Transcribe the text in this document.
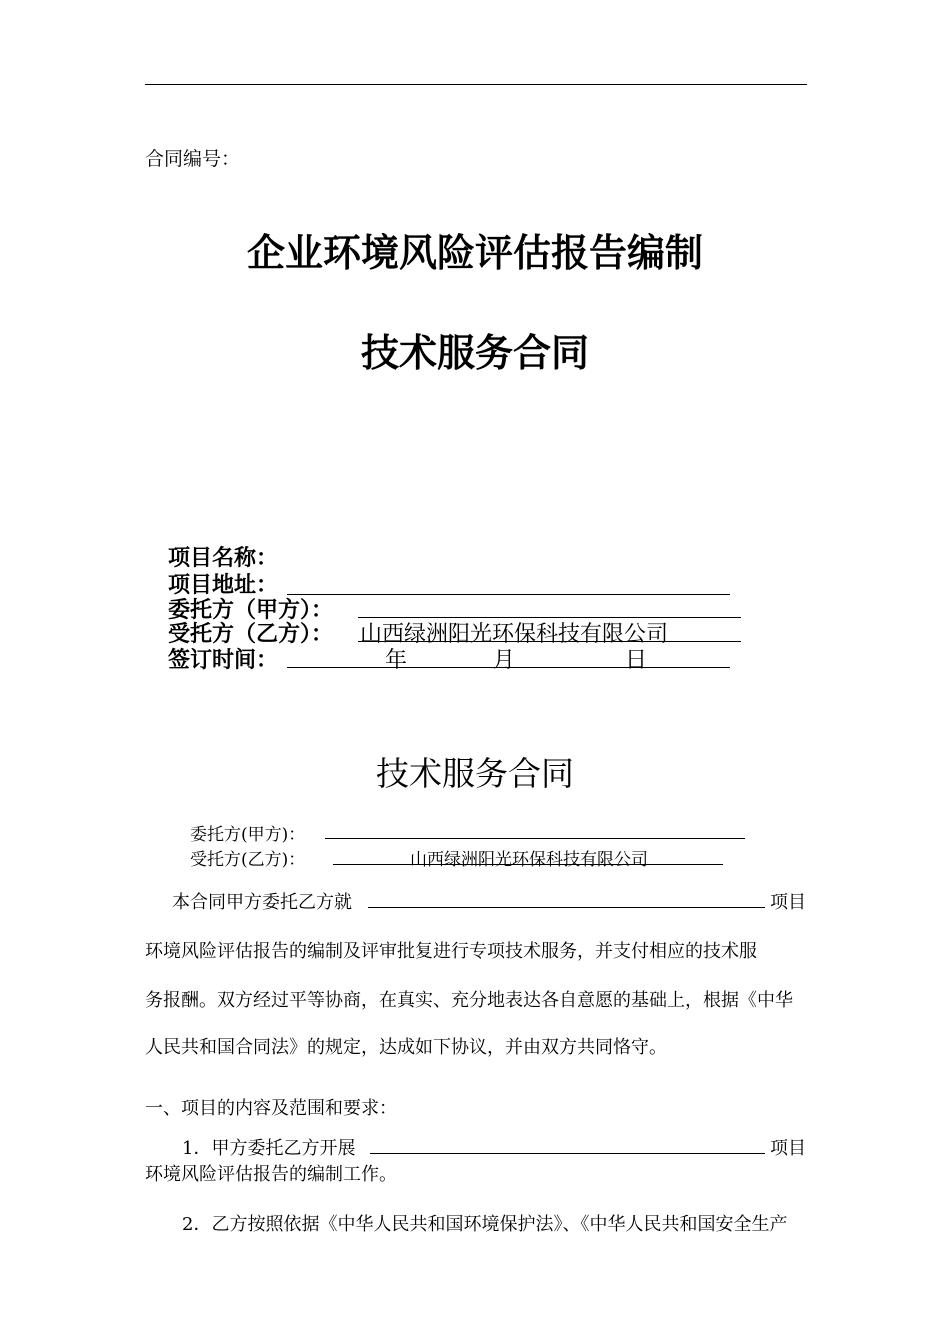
合同编号：
企业环境风险评估报告编制
技术服务合同
项目名称：
项目地址：
委托方（甲方）：
受托方（乙方）： 山西绿洲阳光环保科技有限公司
签订时间：	年	月	日
技术服务合同
委托方(甲方)：
受托方(乙方)：	山西绿洲阳光环保科技有限公司
本合同甲方委托乙方就	项目
环境风险评估报告的编制及评审批复进行专项技术服务，并支付相应的技术服
务报酬。双方经过平等协商，在真实、充分地表达各自意愿的基础上，根据《中华
人民共和国合同法》的规定，达成如下协议，并由双方共同恪守。
一、项目的内容及范围和要求：
1．甲方委托乙方开展	项目
环境风险评估报告的编制工作。
2．乙方按照依据《中华人民共和国环境保护法》、《中华人民共和国安全生产
